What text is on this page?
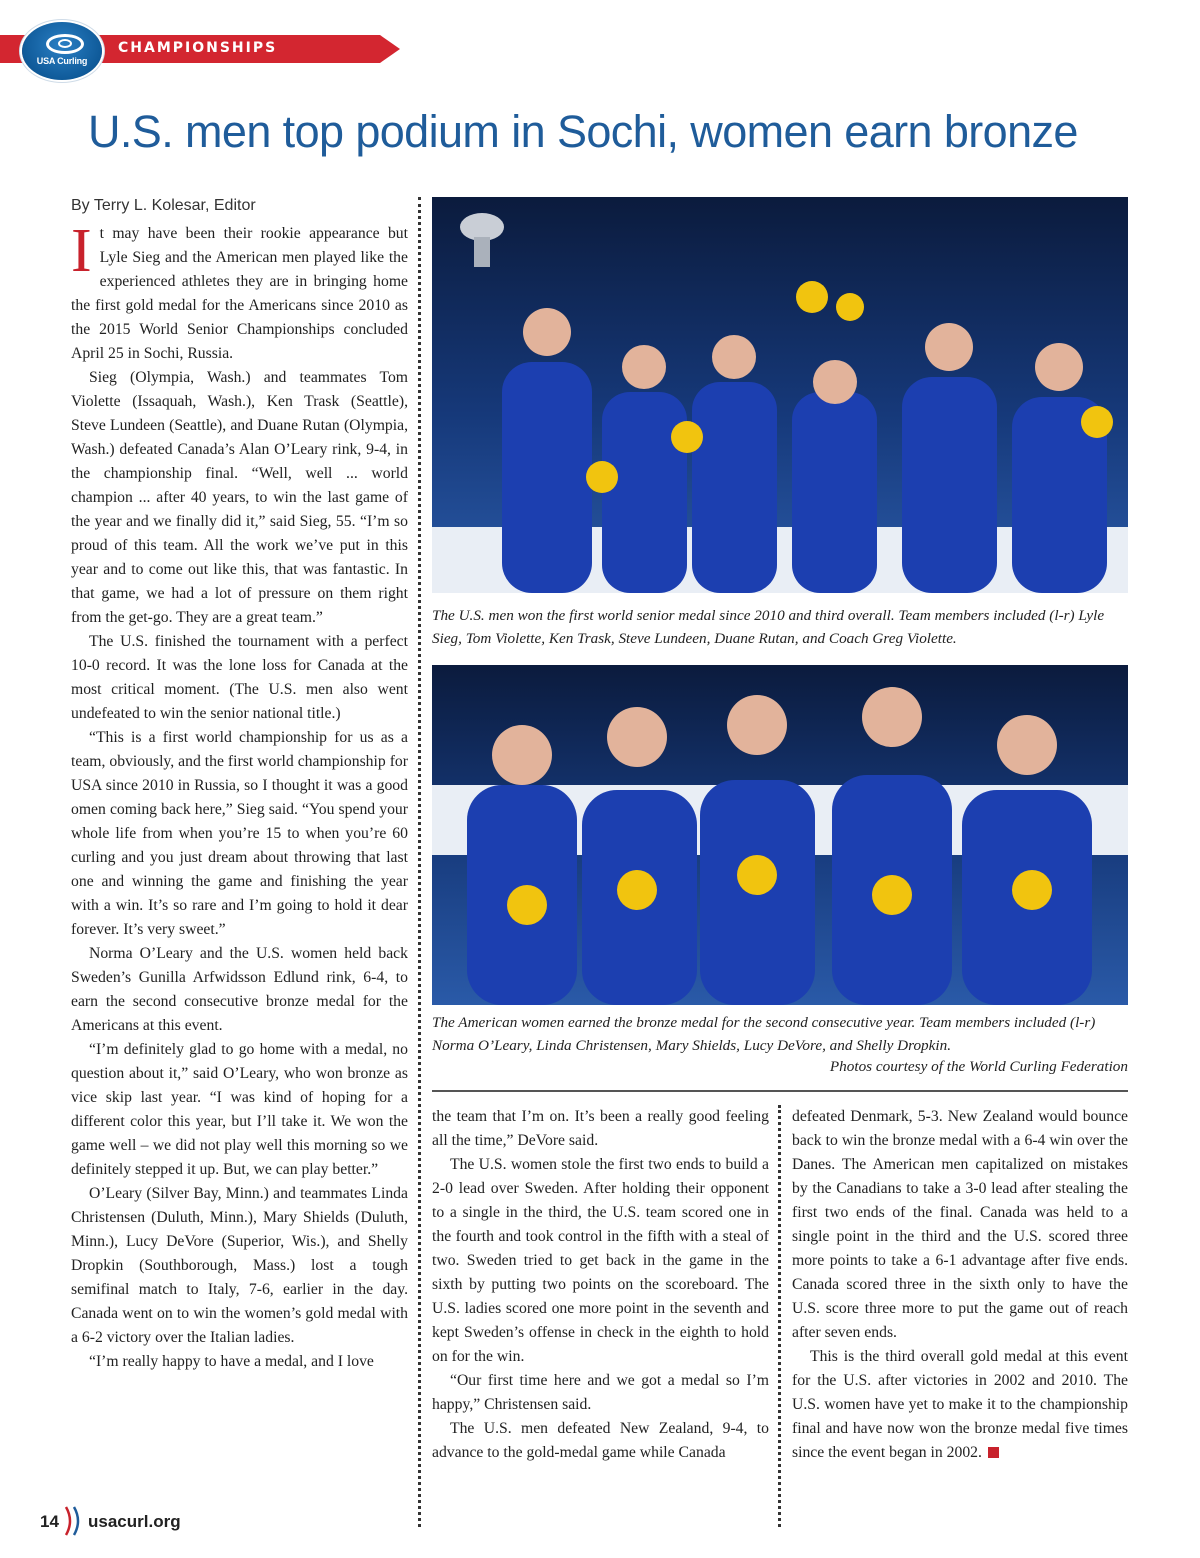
USA Curling
CHAMPIONSHIPS
U.S. men top podium in Sochi, women earn bronze
By Terry L. Kolesar, Editor

It may have been their rookie appearance but Lyle Sieg and the American men played like the experienced athletes they are in bringing home the first gold medal for the Americans since 2010 as the 2015 World Senior Championships concluded April 25 in Sochi, Russia.

Sieg (Olympia, Wash.) and teammates Tom Violette (Issaquah, Wash.), Ken Trask (Seattle), Steve Lundeen (Seattle), and Duane Rutan (Olympia, Wash.) defeated Canada’s Alan O’Leary rink, 9-4, in the championship final. “Well, well ... world champion ... after 40 years, to win the last game of the year and we finally did it,” said Sieg, 55. “I’m so proud of this team. All the work we’ve put in this year and to come out like this, that was fantastic. In that game, we had a lot of pressure on them right from the get-go. They are a great team.”

The U.S. finished the tournament with a perfect 10-0 record. It was the lone loss for Canada at the most critical moment. (The U.S. men also went undefeated to win the senior national title.)

“This is a first world championship for us as a team, obviously, and the first world championship for USA since 2010 in Russia, so I thought it was a good omen coming back here,” Sieg said. “You spend your whole life from when you’re 15 to when you’re 60 curling and you just dream about throwing that last one and winning the game and finishing the year with a win. It’s so rare and I’m going to hold it dear forever. It’s very sweet.”

Norma O’Leary and the U.S. women held back Sweden’s Gunilla Arfwidsson Edlund rink, 6-4, to earn the second consecutive bronze medal for the Americans at this event.

“I’m definitely glad to go home with a medal, no question about it,” said O’Leary, who won bronze as vice skip last year. “I was kind of hoping for a different color this year, but I’ll take it. We won the game well – we did not play well this morning so we definitely stepped it up. But, we can play better.”

O’Leary (Silver Bay, Minn.) and teammates Linda Christensen (Duluth, Minn.), Mary Shields (Duluth, Minn.), Lucy DeVore (Superior, Wis.), and Shelly Dropkin (Southborough, Mass.) lost a tough semifinal match to Italy, 7-6, earlier in the day. Canada went on to win the women’s gold medal with a 6-2 victory over the Italian ladies.

“I’m really happy to have a medal, and I love

The U.S. men won the first world senior medal since 2010 and third overall. Team members included (l-r) Lyle Sieg, Tom Violette, Ken Trask, Steve Lundeen, Duane Rutan, and Coach Greg Violette.
The American women earned the bronze medal for the second consecutive year. Team members included (l-r) Norma O’Leary, Linda Christensen, Mary Shields, Lucy DeVore, and Shelly Dropkin.
Photos courtesy of the World Curling Federation

the team that I’m on. It’s been a really good feeling all the time,” DeVore said.

The U.S. women stole the first two ends to build a 2-0 lead over Sweden. After holding their opponent to a single in the third, the U.S. team scored one in the fourth and took control in the fifth with a steal of two. Sweden tried to get back in the game in the sixth by putting two points on the scoreboard. The U.S. ladies scored one more point in the seventh and kept Sweden’s offense in check in the eighth to hold on for the win.

“Our first time here and we got a medal so I’m happy,” Christensen said.

The U.S. men defeated New Zealand, 9-4, to advance to the gold-medal game while Canada

defeated Denmark, 5-3. New Zealand would bounce back to win the bronze medal with a 6-4 win over the Danes. The American men capitalized on mistakes by the Canadians to take a 3-0 lead after stealing the first two ends of the final. Canada was held to a single point in the third and the U.S. scored three more points to take a 6-1 advantage after five ends. Canada scored three in the sixth only to have the U.S. score three more to put the game out of reach after seven ends.

This is the third overall gold medal at this event for the U.S. after victories in 2002 and 2010. The U.S. women have yet to make it to the championship final and have now won the bronze medal five times since the event began in 2002.

14 usacurl.org
